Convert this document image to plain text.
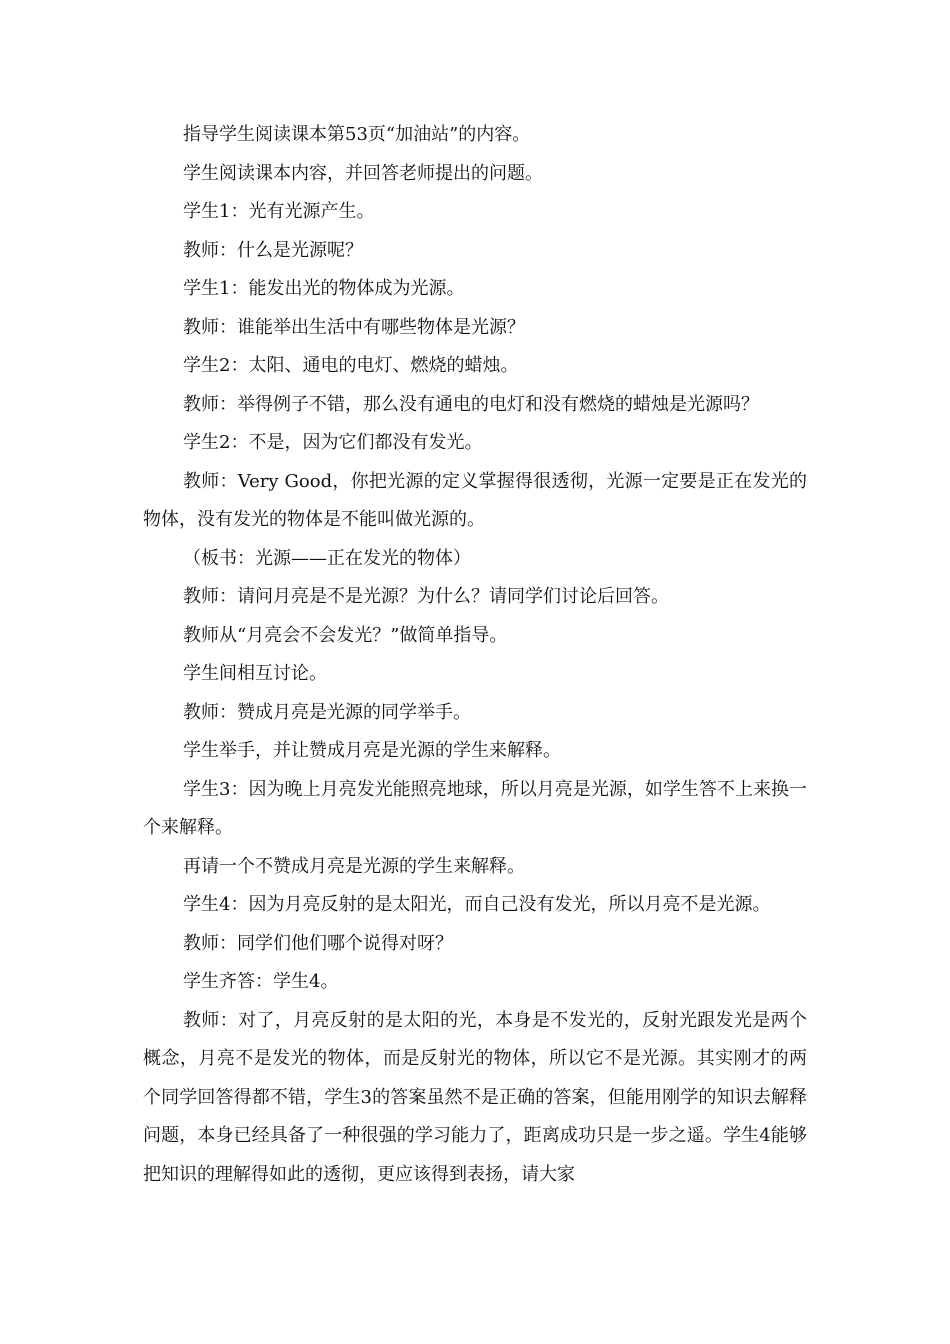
指导学生阅读课本第53页“加油站”的内容。

学生阅读课本内容，并回答老师提出的问题。

学生1：光有光源产生。

教师：什么是光源呢？

学生1：能发出光的物体成为光源。

教师：谁能举出生活中有哪些物体是光源？

学生2：太阳、通电的电灯、燃烧的蜡烛。

教师：举得例子不错，那么没有通电的电灯和没有燃烧的蜡烛是光源吗？

学生2：不是，因为它们都没有发光。

教师：Very Good，你把光源的定义掌握得很透彻，光源一定要是正在发光的物体，没有发光的物体是不能叫做光源的。

（板书：光源——正在发光的物体）

教师：请问月亮是不是光源？为什么？请同学们讨论后回答。

教师从“月亮会不会发光？”做简单指导。

学生间相互讨论。

教师：赞成月亮是光源的同学举手。

学生举手，并让赞成月亮是光源的学生来解释。

学生3：因为晚上月亮发光能照亮地球，所以月亮是光源，如学生答不上来换一个来解释。

再请一个不赞成月亮是光源的学生来解释。

学生4：因为月亮反射的是太阳光，而自己没有发光，所以月亮不是光源。

教师：同学们他们哪个说得对呀？

学生齐答：学生4。

教师：对了，月亮反射的是太阳的光，本身是不发光的，反射光跟发光是两个概念，月亮不是发光的物体，而是反射光的物体，所以它不是光源。其实刚才的两个同学回答得都不错，学生3的答案虽然不是正确的答案，但能用刚学的知识去解释问题，本身已经具备了一种很强的学习能力了，距离成功只是一步之遥。学生4能够把知识的理解得如此的透彻，更应该得到表扬，请大家
